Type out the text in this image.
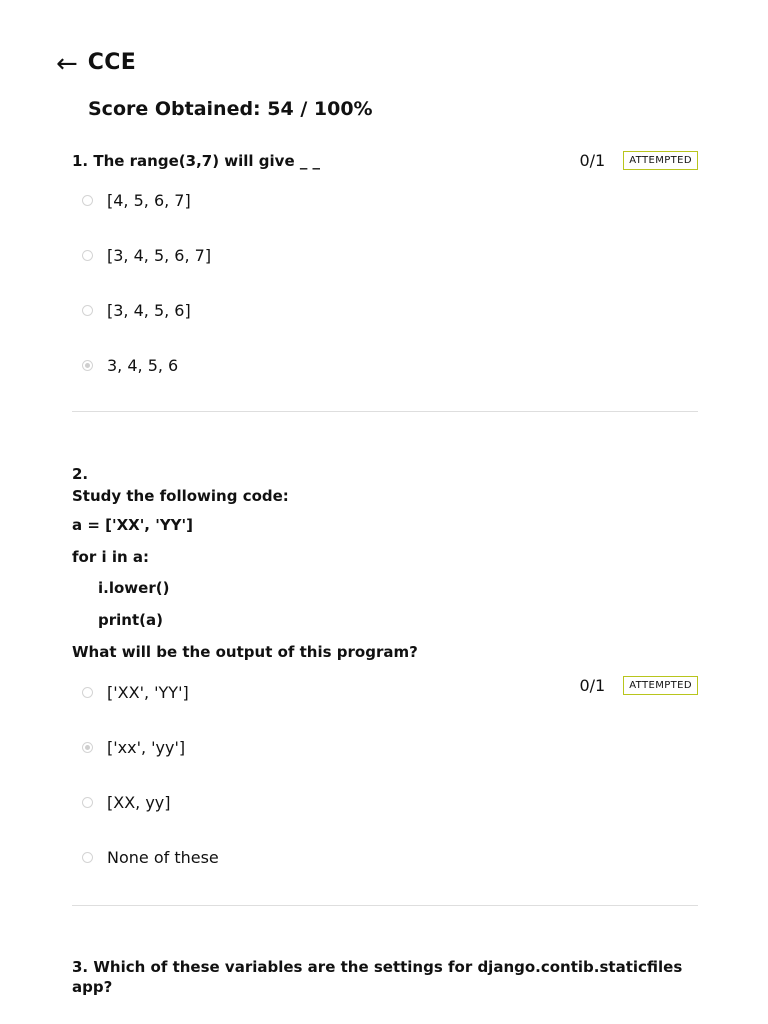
← CCE
Score Obtained: 54 / 100%
0/1	ATTEMPTED
1. The range(3,7) will give _ _
[4, 5, 6, 7]
[3, 4, 5, 6, 7]
[3, 4, 5, 6]
3, 4, 5, 6
2.
Study the following code:
a = ['XX', 'YY']
for i in a:
i.lower()
print(a)
What will be the output of this program?
0/1	ATTEMPTED
['XX', 'YY']
['xx', 'yy']
[XX, yy]
None of these
3. Which of these variables are the settings for django.contib.staticfiles app?
